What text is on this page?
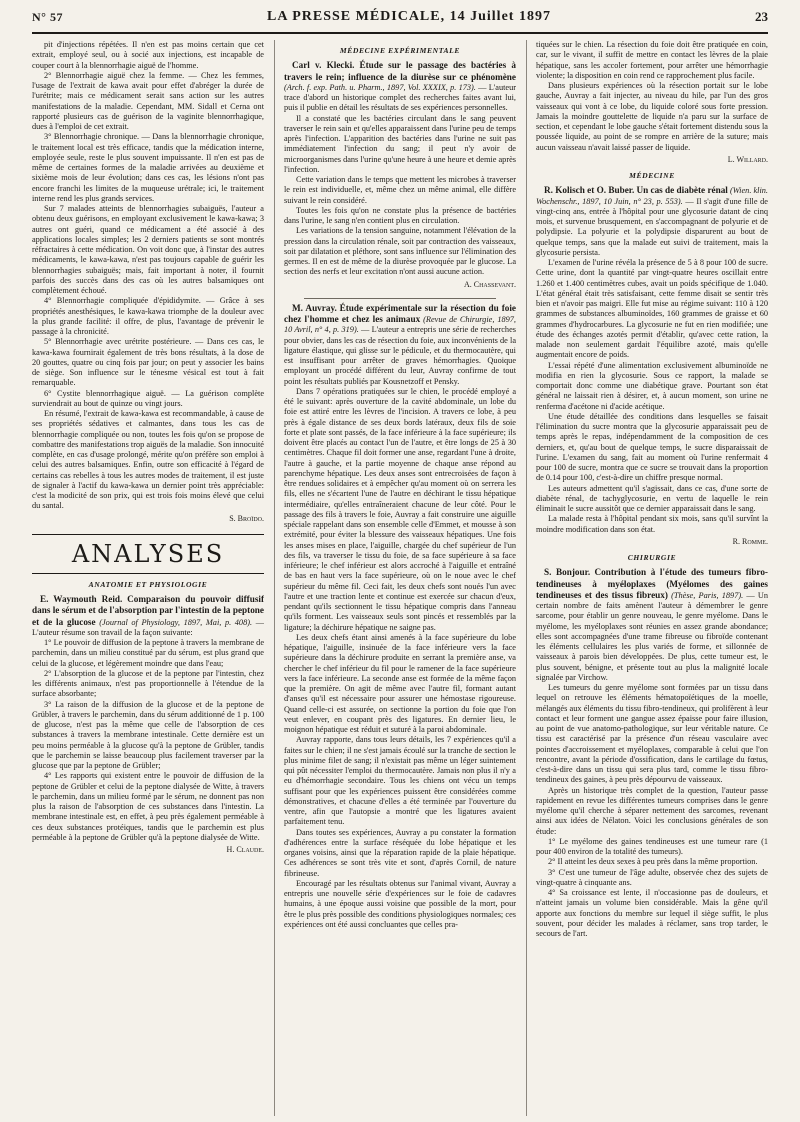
N° 57	LA PRESSE MÉDICALE, 14 Juillet 1897	23

pit d'injections répétées. Il n'en est pas moins certain que cet extrait, employé seul, ou à socié aux injections, est incapable de couper court à la blennorrhagie aiguë de l'homme.

2° Blennorrhagie aiguë chez la femme. — Chez les femmes, l'usage de l'extrait de kawa avait pour effet d'abréger la durée de l'urétrite; mais ce médicament serait sans action sur les autres manifestations de la maladie. Cependant, MM. Sidall et Cerna ont rapporté plusieurs cas de guérison de la vaginite blennorrhagique, dues à l'emploi de cet extrait.

3° Blennorrhagie chronique. — Dans la blennorrhagie chronique, le traitement local est très efficace, tandis que la médication interne, employée seule, reste le plus souvent impuissante. Il n'en est pas de même de certaines formes de la maladie arrivées au deuxième et sixième mois de leur évolution; dans ces cas, les lésions n'ont pas encore franchi les limites de la muqueuse urétrale; ici, le traitement interne rend les plus grands services.

Sur 7 malades atteints de blennorrhagies subaiguës, l'auteur a obtenu deux guérisons, en employant exclusivement le kawa-kawa; 3 autres ont guéri, quand ce médicament a été associé à des applications locales simples; les 2 derniers patients se sont montrés réfractaires à cette médication. On voit donc que, à l'instar des autres médicaments, le kawa-kawa, n'est pas toujours capable de guérir les blennorrhagies subaiguës; mais, fait important à noter, il fournit parfois des succès dans des cas où les autres balsamiques ont complètement échoué.

4° Blennorrhagie compliquée d'épididymite. — Grâce à ses propriétés anesthésiques, le kawa-kawa triomphe de la douleur avec la plus grande facilité: il offre, de plus, l'avantage de prévenir le passage à la chronicité.

5° Blennorrhagie avec urétrite postérieure. — Dans ces cas, le kawa-kawa fournirait également de très bons résultats, à la dose de 20 gouttes, quatre ou cinq fois par jour; on peut y associer les bains de siège. Son influence sur le ténesme vésical est tout à fait remarquable.

6° Cystite blennorrhagique aiguë. — La guérison complète surviendrait au bout de quinze ou vingt jours.

En résumé, l'extrait de kawa-kawa est recommandable, à cause de ses propriétés sédatives et calmantes, dans tous les cas de blennorrhagie compliquée ou non, toutes les fois qu'on se propose de combattre des manifestations trop aiguës de la maladie. Son innocuité complète, en cas d'usage prolongé, mérite qu'on préfère son emploi à celui des autres balsamiques. Enfin, outre son efficacité à l'égard de certains cas rebelles à tous les autres modes de traitement, il est juste de signaler à l'actif du kawa-kawa un dernier point très appréciable: c'est la modicité de son prix, qui est trois fois moins élevé que celui du santal.

S. Broïdo.

ANALYSES
ANATOMIE ET PHYSIOLOGIE

E. Waymouth Reid. Comparaison du pouvoir diffusif dans le sérum et de l'absorption par l'intestin de la peptone et de la glucose (Journal of Physiology, 1897, Mai, p. 408). — L'auteur résume son travail de la façon suivante:

1° Le pouvoir de diffusion de la peptone à travers la membrane de parchemin, dans un milieu constitué par du sérum, est plus grand que celui de la glucose, et légèrement moindre que dans l'eau;

2° L'absorption de la glucose et de la peptone par l'intestin, chez les différents animaux, n'est pas proportionnelle à l'étendue de la surface absorbante;

3° La raison de la diffusion de la glucose et de la peptone de Grübler, à travers le parchemin, dans du sérum additionné de 1 p. 100 de glucose, n'est pas la même que celle de l'absorption de ces substances à travers la membrane intestinale. Cette dernière est un peu moins perméable à la glucose qu'à la peptone de Grübler, tandis que le parchemin se laisse beaucoup plus facilement traverser par la glucose que par la peptone de Grübler;

4° Les rapports qui existent entre le pouvoir de diffusion de la peptone de Grübler et celui de la peptone dialysée de Witte, à travers le parchemin, dans un milieu formé par le sérum, ne donnent pas non plus la raison de l'absorption de ces substances dans l'intestin. La membrane intestinale est, en effet, à peu près également perméable à ces deux substances protéiques, tandis que le parchemin est plus perméable à la peptone de Grübler qu'à la peptone dialysée de Witte.

H. Claude.

MÉDECINE EXPÉRIMENTALE

Carl v. Klecki. Étude sur le passage des bactéries à travers le rein; influence de la diurèse sur ce phénomène (Arch. f. exp. Path. u. Pharm., 1897, Vol. XXXIX, p. 173). — L'auteur trace d'abord un historique complet des recherches faites avant lui, puis il publie en détail les résultats de ses expériences personnelles.

Il a constaté que les bactéries circulant dans le sang peuvent traverser le rein sain et qu'elles apparaissent dans l'urine peu de temps après l'infection. L'apparition des bactéries dans l'urine ne suit pas immédiatement l'infection du sang; il peut n'y avoir de microorganismes dans l'urine qu'une heure à une heure et demie après l'infection.

Cette variation dans le temps que mettent les microbes à traverser le rein est individuelle, et, même chez un même animal, elle diffère suivant le rein considéré.

Toutes les fois qu'on ne constate plus la présence de bactéries dans l'urine, le sang n'en contient plus en circulation.

Les variations de la tension sanguine, notamment l'élévation de la pression dans la circulation rénale, soit par contraction des vaisseaux, soit par dilatation et pléthore, sont sans influence sur l'élimination des germes. Il en est de même de la diurèse provoquée par le glucose. La section des nerfs et leur excitation n'ont aussi aucune action.

A. Chassevant.

M. Auvray. Étude expérimentale sur la résection du foie chez l'homme et chez les animaux (Revue de Chirurgie, 1897, 10 Avril, n° 4, p. 319). — L'auteur a entrepris une série de recherches pour obvier, dans les cas de résection du foie, aux inconvénients de la ligature élastique, qui glisse sur le pédicule, et du thermocautère, qui est insuffisant pour arrêter de graves hémorrhagies. Quoique employant un procédé différent du leur, Auvray confirme de tout point les résultats publiés par Kousnetzoff et Pensky.

Dans 7 opérations pratiquées sur le chien, le procédé employé a été le suivant: après ouverture de la cavité abdominale, un lobe du foie est attiré entre les lèvres de l'incision. A travers ce lobe, à peu près à égale distance de ses deux bords latéraux, deux fils de soie forte et plate sont passés, de la face inférieure à la face supérieure; ils doivent être placés au contact l'un de l'autre, et être longs de 25 à 30 centimètres. Chaque fil doit former une anse, regardant l'une à droite, l'autre à gauche, et la partie moyenne de chaque anse répond au parenchyme hépatique. Les deux anses sont entrecroisées de façon à être rendues solidaires et à empêcher qu'au moment où on serrera les fils, elles ne s'écartent l'une de l'autre en déchirant le tissu hépatique intermédiaire, qu'elles entraîneraient chacune de leur côté. Pour le passage des fils à travers le foie, Auvray a fait construire une aiguille spéciale rappelant dans son ensemble celle d'Emmet, et mousse à son extrémité, pour éviter la blessure des vaisseaux hépatiques. Une fois les anses mises en place, l'aiguille, chargée du chef supérieur de l'un des fils, va traverser le tissu du foie, de sa face supérieure à sa face inférieure; le chef inférieur est alors accroché à l'aiguille et entraîné de bas en haut vers la face supérieure, où on le noue avec le chef supérieur du même fil. Ceci fait, les deux chefs sont noués l'un avec l'autre et une traction lente et continue est exercée sur chacun d'eux, pendant qu'ils sectionnent le tissu hépatique compris dans l'anneau qu'ils forment. Les vaisseaux seuls sont pincés et ressemblés par la ligature; la déchirure hépatique ne saigne pas.

Les deux chefs étant ainsi amenés à la face supérieure du lobe hépatique, l'aiguille, insinuée de la face inférieure vers la face supérieure dans la déchirure produite en serrant la première anse, va chercher le chef inférieur du fil pour le ramener de la face supérieure vers la face inférieure. La seconde anse est formée de la même façon que la première. On agit de même avec l'autre fil, formant autant d'anses qu'il est nécessaire pour assurer une hémostase rigoureuse. Quand celle-ci est assurée, on sectionne la portion du foie que l'on veut enlever, en coupant près des ligatures. En dernier lieu, le moignon hépatique est réduit et suturé à la paroi abdominale.

Auvray rapporte, dans tous leurs détails, les 7 expériences qu'il a faites sur le chien; il ne s'est jamais écoulé sur la tranche de section le plus minime filet de sang; il n'existait pas même un léger suintement qui pût nécessiter l'emploi du thermocautère. Jamais non plus il n'y a eu d'hémorrhagie secondaire. Tous les chiens ont vécu un temps suffisant pour que les expériences puissent être considérées comme démonstratives, et chacune d'elles a été terminée par l'ouverture du ventre, afin que l'autopsie a montré que les ligatures avaient parfaitement tenu.

Dans toutes ses expériences, Auvray a pu constater la formation d'adhérences entre la surface réséquée du lobe hépatique et les organes voisins, ainsi que la réparation rapide de la plaie hépatique. Ces adhérences se sont très vite et sont, d'après Cornil, de nature fibrineuse.

Encouragé par les résultats obtenus sur l'animal vivant, Auvray a entrepris une nouvelle série d'expériences sur le foie de cadavres humains, à une époque aussi voisine que possible de la mort, pour être le plus près possible des conditions physiologiques normales; ces expériences ont été aussi concluantes que celles pra-

tiquées sur le chien. La résection du foie doit être pratiquée en coin, car, sur le vivant, il suffit de mettre en contact les lèvres de la plaie hépatique, sans les accoler fortement, pour arrêter une hémorrhagie violente; la disposition en coin rend ce rapprochement plus facile.

Dans plusieurs expériences où la résection portait sur le lobe gauche, Auvray a fait injecter, au niveau du hile, par l'un des gros vaisseaux qui vont à ce lobe, du liquide coloré sous forte pression. Jamais la moindre gouttelette de liquide n'a paru sur la surface de section, et cependant le lobe gauche s'était fortement distendu sous la poussée liquide, au point de se rompre en arrière de la suture; mais aucun vaisseau n'avait laissé passer de liquide.

L. Willard.

MÉDECINE

R. Kolisch et O. Buber. Un cas de diabète rénal (Wien. klin. Wochenschr., 1897, 10 Juin, n° 23, p. 553). — Il s'agit d'une fille de vingt-cinq ans, entrée à l'hôpital pour une glycosurie datant de cinq mois, et survenue brusquement, en s'accompagnant de polyurie et de polydipsie. La polyurie et la polydipsie disparurent au bout de quelque temps, sans que la malade eut suivi de traitement, mais la glycosurie persista.

L'examen de l'urine révéla la présence de 5 à 8 pour 100 de sucre. Cette urine, dont la quantité par vingt-quatre heures oscillait entre 1.260 et 1.400 centimètres cubes, avait un poids spécifique de 1.040. L'état général était très satisfaisant, cette femme disait se sentir très bien et n'avoir pas maigri. Elle fut mise au régime suivant: 110 à 120 grammes de substances albuminoïdes, 160 grammes de graisse et 60 grammes d'hydrocarbures. La glycosurie ne fut en rien modifiée; une étude des échanges azotés permit d'établir, qu'avec cette ration, la malade non seulement gardait l'équilibre azoté, mais qu'elle augmentait encore de poids.

L'essai répété d'une alimentation exclusivement albuminoïde ne modifia en rien la glycosurie. Sous ce rapport, la malade se comportait donc comme une diabétique grave. Pourtant son état général ne laissait rien à désirer, et, à aucun moment, son urine ne renferma d'acétone ni d'acide acétique.

Une étude détaillée des conditions dans lesquelles se faisait l'élimination du sucre montra que la glycosurie apparaissait peu de temps après le repas, indépendamment de la composition de ces derniers, et, qu'au bout de quelque temps, le sucre disparaissait de l'urine. L'examen du sang, fait au moment où l'urine renfermait 4 pour 100 de sucre, montra que ce sucre se trouvait dans la proportion de 0.14 pour 100, c'est-à-dire un chiffre presque normal.

Les auteurs admettent qu'il s'agissait, dans ce cas, d'une sorte de diabète rénal, de tachyglycosurie, en vertu de laquelle le rein éliminait le sucre aussitôt que ce dernier apparaissait dans le sang.

La malade resta à l'hôpital pendant six mois, sans qu'il survînt la moindre modification dans son état.

R. Romme.

CHIRURGIE

S. Bonjour. Contribution à l'étude des tumeurs fibro-tendineuses à myéloplaxes (Myélomes des gaines tendineuses et des tissus fibreux) (Thèse, Paris, 1897). — Un certain nombre de faits amènent l'auteur à démembrer le genre sarcome, pour établir un genre nouveau, le genre myélome. Dans le myélome, les myéloplaxes sont réunies en assez grande abondance; elles sont accompagnées d'une trame fibreuse ou fibroïde contenant les éléments cellulaires les plus variés de forme, et sillonnée de vaisseaux à parois bien développées. De plus, cette tumeur est, le plus souvent, bénigne, et présente tout au plus la malignité locale signalée par Virchow.

Les tumeurs du genre myélome sont formées par un tissu dans lequel on retrouve les éléments hématopoïétiques de la moelle, mélangés aux éléments du tissu fibro-tendineux, qui prolifèrent à leur contact et leur forment une gangue assez épaisse pour faire illusion, au point de vue anatomo-pathologique, sur leur véritable nature. Ce tissu est caractérisé par la présence d'un réseau vasculaire avec pointes d'accroissement et myéloplaxes, comparable à celui que l'on rencontre, avant la période d'ossification, dans le cartilage du fœtus, c'est-à-dire dans un tissu qui sera plus tard, comme le tissu fibro-tendineux des gaines, à peu près dépourvu de vaisseaux.

Après un historique très complet de la question, l'auteur passe rapidement en revue les différentes tumeurs comprises dans le genre myélome qu'il cherche à séparer nettement des sarcomes, revenant ainsi aux idées de Nélaton. Voici les conclusions générales de son étude:

1° Le myélome des gaines tendineuses est une tumeur rare (1 pour 400 environ de la totalité des tumeurs).

2° Il atteint les deux sexes à peu près dans la même proportion.

3° C'est une tumeur de l'âge adulte, observée chez des sujets de vingt-quatre à cinquante ans.

4° Sa croissance est lente, il n'occasionne pas de douleurs, et n'atteint jamais un volume bien considérable. Mais la gêne qu'il apporte aux fonctions du membre sur lequel il siège suffit, le plus souvent, pour décider les malades à réclamer, sans trop tarder, le secours de l'art.
